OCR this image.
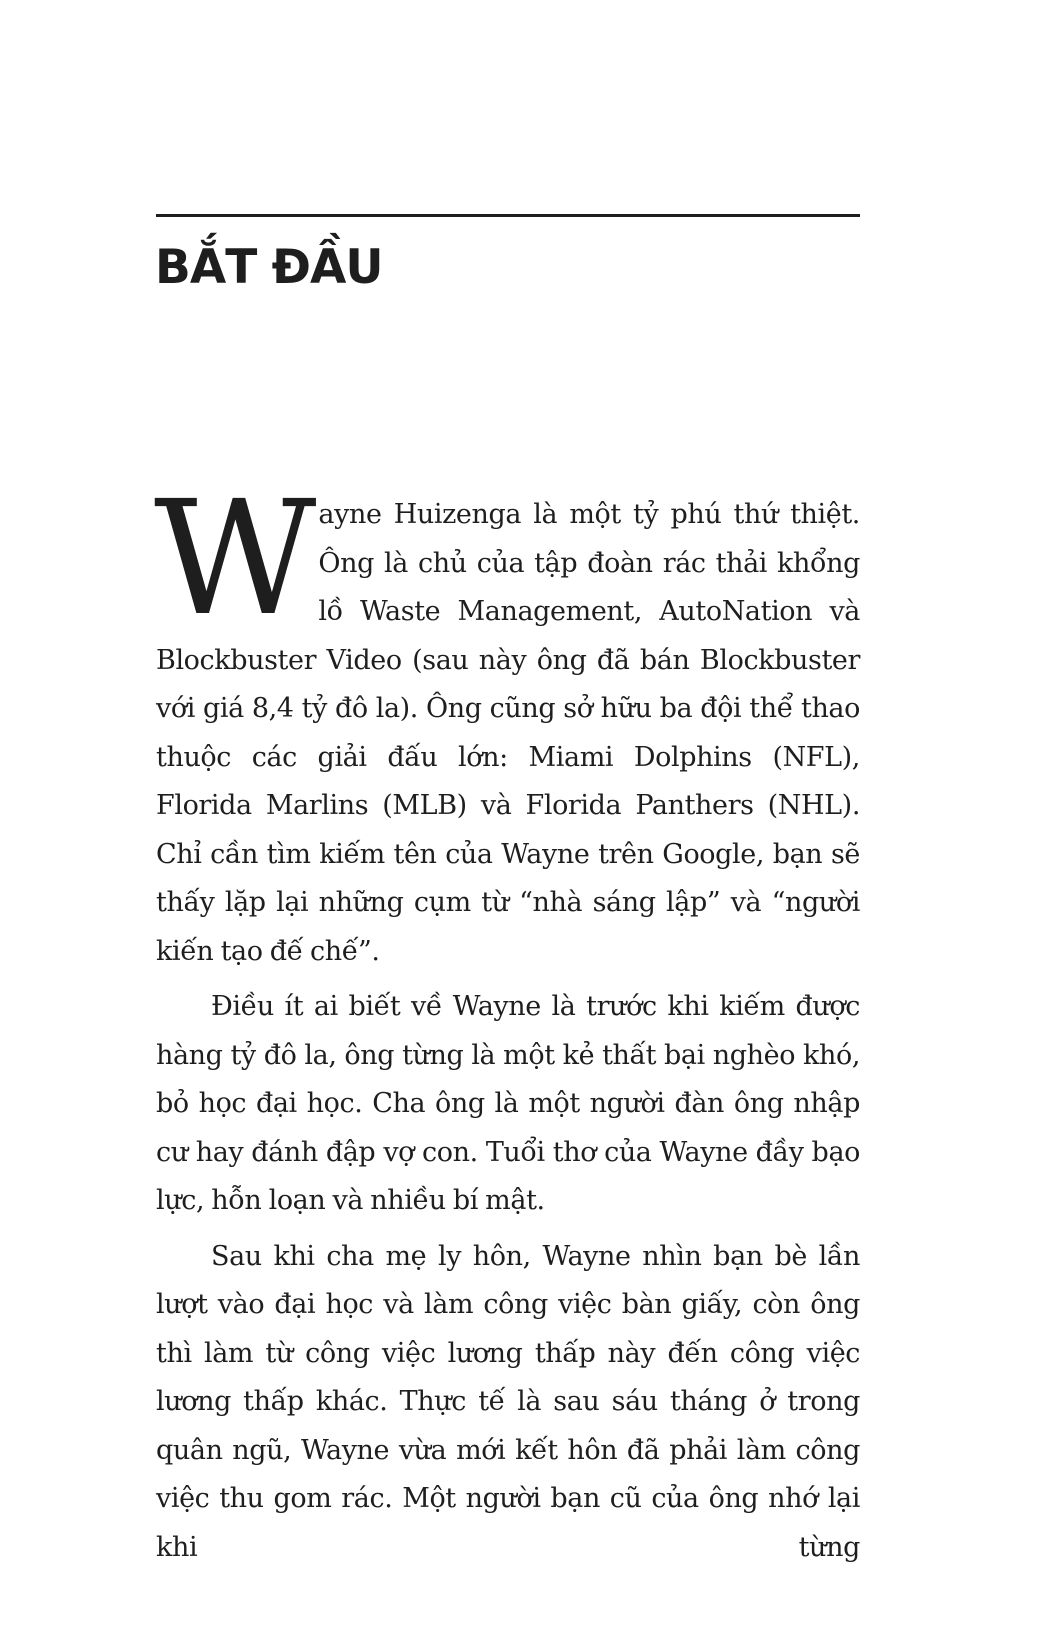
BẮT ĐẦU

Wayne Huizenga là một tỷ phú thứ thiệt. Ông là chủ của tập đoàn rác thải khổng lồ Waste Management, AutoNation và Blockbuster Video (sau này ông đã bán Blockbuster với giá 8,4 tỷ đô la). Ông cũng sở hữu ba đội thể thao thuộc các giải đấu lớn: Miami Dolphins (NFL), Florida Marlins (MLB) và Florida Panthers (NHL). Chỉ cần tìm kiếm tên của Wayne trên Google, bạn sẽ thấy lặp lại những cụm từ “nhà sáng lập” và “người kiến tạo đế chế”.

Điều ít ai biết về Wayne là trước khi kiếm được hàng tỷ đô la, ông từng là một kẻ thất bại nghèo khó, bỏ học đại học. Cha ông là một người đàn ông nhập cư hay đánh đập vợ con. Tuổi thơ của Wayne đầy bạo lực, hỗn loạn và nhiều bí mật.

Sau khi cha mẹ ly hôn, Wayne nhìn bạn bè lần lượt vào đại học và làm công việc bàn giấy, còn ông thì làm từ công việc lương thấp này đến công việc lương thấp khác. Thực tế là sau sáu tháng ở trong quân ngũ, Wayne vừa mới kết hôn đã phải làm công việc thu gom rác. Một người bạn cũ của ông nhớ lại khi từng
